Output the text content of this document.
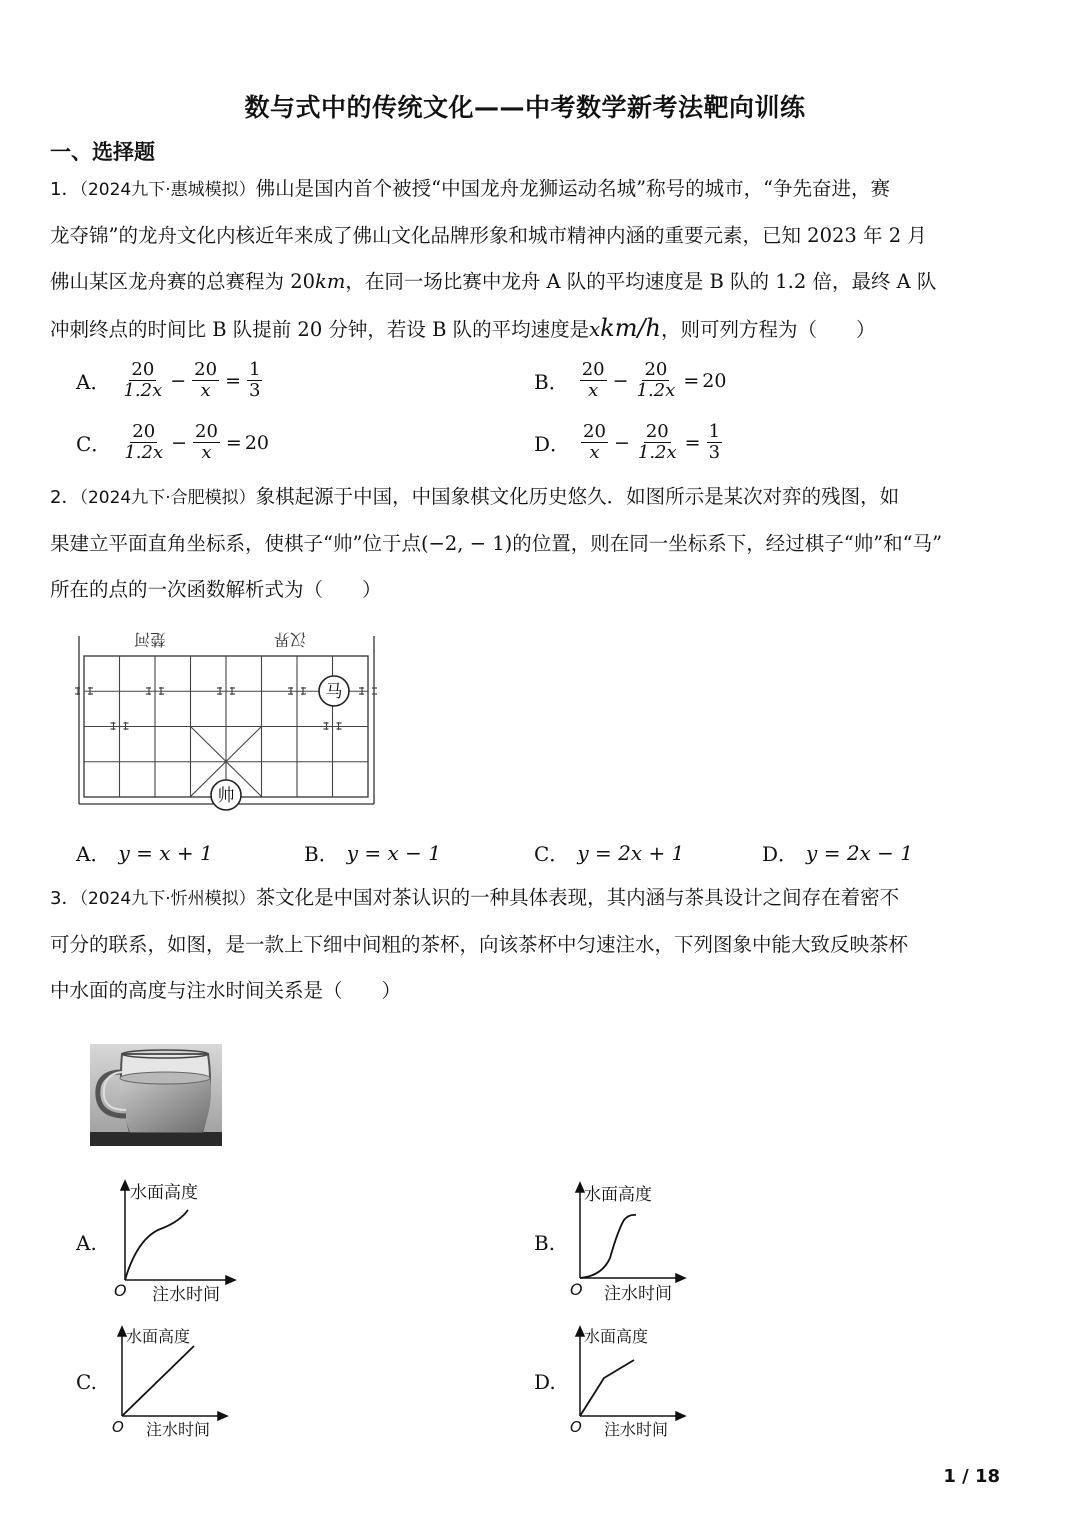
数与式中的传统文化——中考数学新考法靶向训练
一、选择题
1．（2024九下·惠城模拟）佛山是国内首个被授“中国龙舟龙狮运动名城”称号的城市，“争先奋进，赛
龙夺锦”的龙舟文化内核近年来成了佛山文化品牌形象和城市精神内涵的重要元素，已知 2023 年 2 月
佛山某区龙舟赛的总赛程为 20km，在同一场比赛中龙舟 A 队的平均速度是 B 队的 1.2 倍，最终 A 队
冲刺终点的时间比 B 队提前 20 分钟，若设 B 队的平均速度是xkm/h，则可列方程为（　　）
A． $\frac{20}{1.2x} - \frac{20}{x} = \frac{1}{3}$	B． $\frac{20}{x} - \frac{20}{1.2x} = 20$
C． $\frac{20}{1.2x} - \frac{20}{x} = 20$	D． $\frac{20}{x} - \frac{20}{1.2x} = \frac{1}{3}$
2．（2024九下·合肥模拟）象棋起源于中国，中国象棋文化历史悠久．如图所示是某次对弈的残图，如
果建立平面直角坐标系，使棋子“帅”位于点(−2, − 1)的位置，则在同一坐标系下，经过棋子“帅”和“马”
所在的点的一次函数解析式为（　　）
楚河	汉界
马
帅
A． y = x + 1	B． y = x − 1	C． y = 2x + 1	D． y = 2x − 1
3．（2024九下·忻州模拟）茶文化是中国对茶认识的一种具体表现，其内涵与茶具设计之间存在着密不
可分的联系，如图，是一款上下细中间粗的茶杯，向该茶杯中匀速注水，下列图象中能大致反映茶杯
中水面的高度与注水时间关系是（　　）
A.
水面高度
注水时间
O
B.
水面高度
注水时间
O
C.
水面高度
注水时间
O
D.
水面高度
注水时间
O
1 / 18
